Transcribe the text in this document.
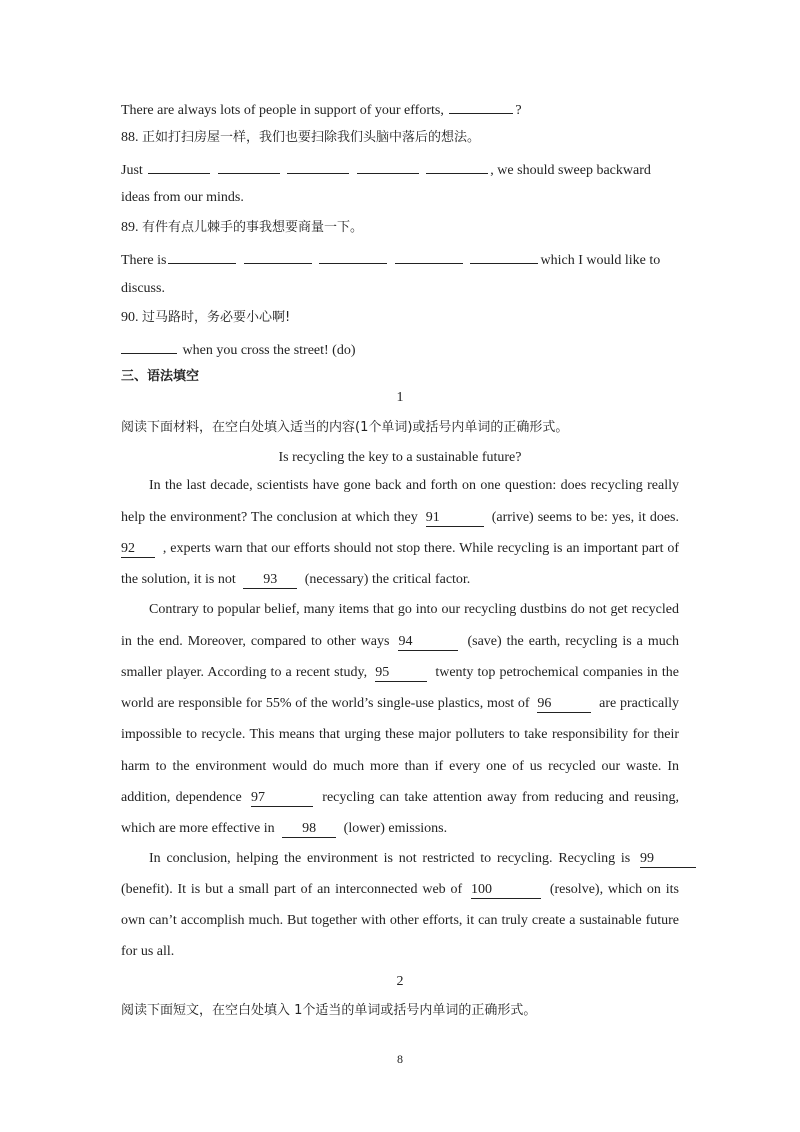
There are always lots of people in support of your efforts,	?
88. 正如打扫房屋一样，我们也要扫除我们头脑中落后的想法。
Just	, we should sweep backward
ideas from our minds.
89. 有件有点儿棘手的事我想要商量一下。
There is	which I would like to
discuss.
90. 过马路时，务必要小心啊!
when you cross the street! (do)
三、语法填空
1
阅读下面材料，在空白处填入适当的内容(1个单词)或括号内单词的正确形式。
Is recycling the key to a sustainable future?
In the last decade, scientists have gone back and forth on one question: does recycling really
help the environment? The conclusion at which they 91	(arrive) seems to be: yes, it does.
92 , experts warn that our efforts should not stop there. While recycling is an important part of
the solution, it is not 93 (necessary) the critical factor.
Contrary to popular belief, many items that go into our recycling dustbins do not get recycled
in the end. Moreover, compared to other ways 94	(save) the earth, recycling is a much
smaller player. According to a recent study, 95	twenty top petrochemical companies in the
world are responsible for 55% of the world’s single-use plastics, most of 96	are practically
impossible to recycle. This means that urging these major polluters to take responsibility for their
harm to the environment would do much more than if every one of us recycled our waste. In
addition, dependence 97	recycling can take attention away from reducing and reusing,
which are more effective in 98 (lower) emissions.
In conclusion, helping the environment is not restricted to recycling. Recycling is 99
(benefit). It is but a small part of an interconnected web of 100	(resolve), which on its
own can’t accomplish much. But together with other efforts, it can truly create a sustainable future
for us all.
2
阅读下面短文，在空白处填入 1个适当的单词或括号内单词的正确形式。
8
